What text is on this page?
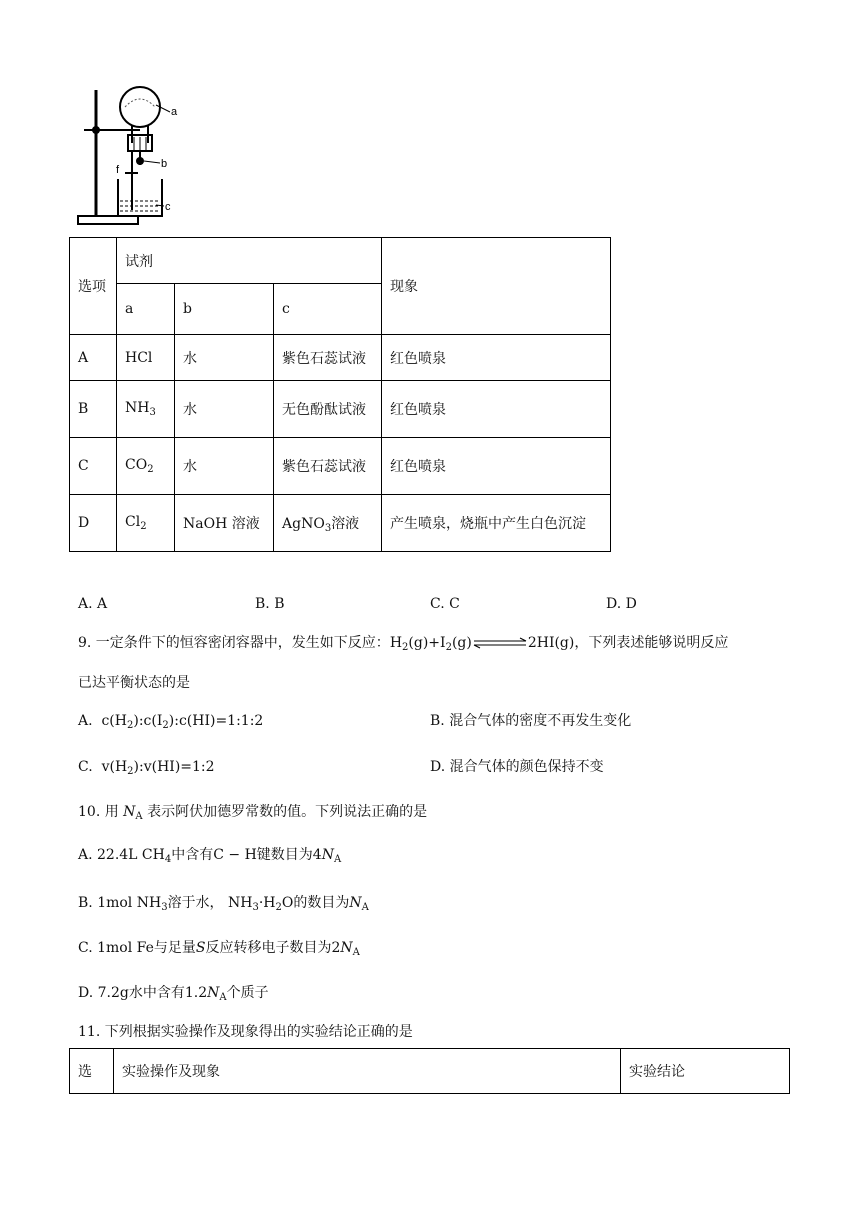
a
b
c
f
选项	试剂			现象
	a	b	c	
A	HCl	水	紫色石蕊试液	红色喷泉
B	$NH_3$	水	无色酚酞试液	红色喷泉
C	$CO_2$	水	紫色石蕊试液	红色喷泉
D	$Cl_2$	NaOH 溶液	AgNO$_3$溶液	产生喷泉，烧瓶中产生白色沉淀
A. A	B. B	C. C	D. D
9. 一定条件下的恒容密闭容器中，发生如下反应：$H_2(g)+I_2(g)$	2HI(g)，下列表述能够说明反应
已达平衡状态的是
A.  $c(H_2):c(I_2):c(HI)=1:1:2$	B. 混合气体的密度不再发生变化
C.  $v(H_2):v(HI)=1:2$	D. 混合气体的颜色保持不变
10. 用 $N_A$ 表示阿伏加德罗常数的值。下列说法正确的是
A. 22.4L $CH_4$中含有C − H键数目为$4N_A$
B. 1mol $NH_3$溶于水， $NH_3\cdot H_2O$的数目为$N_A$
C. 1mol Fe与足量S反应转移电子数目为$2N_A$
D. 7.2g水中含有$1.2N_A$个质子
11. 下列根据实验操作及现象得出的实验结论正确的是
选	实验操作及现象	实验结论
